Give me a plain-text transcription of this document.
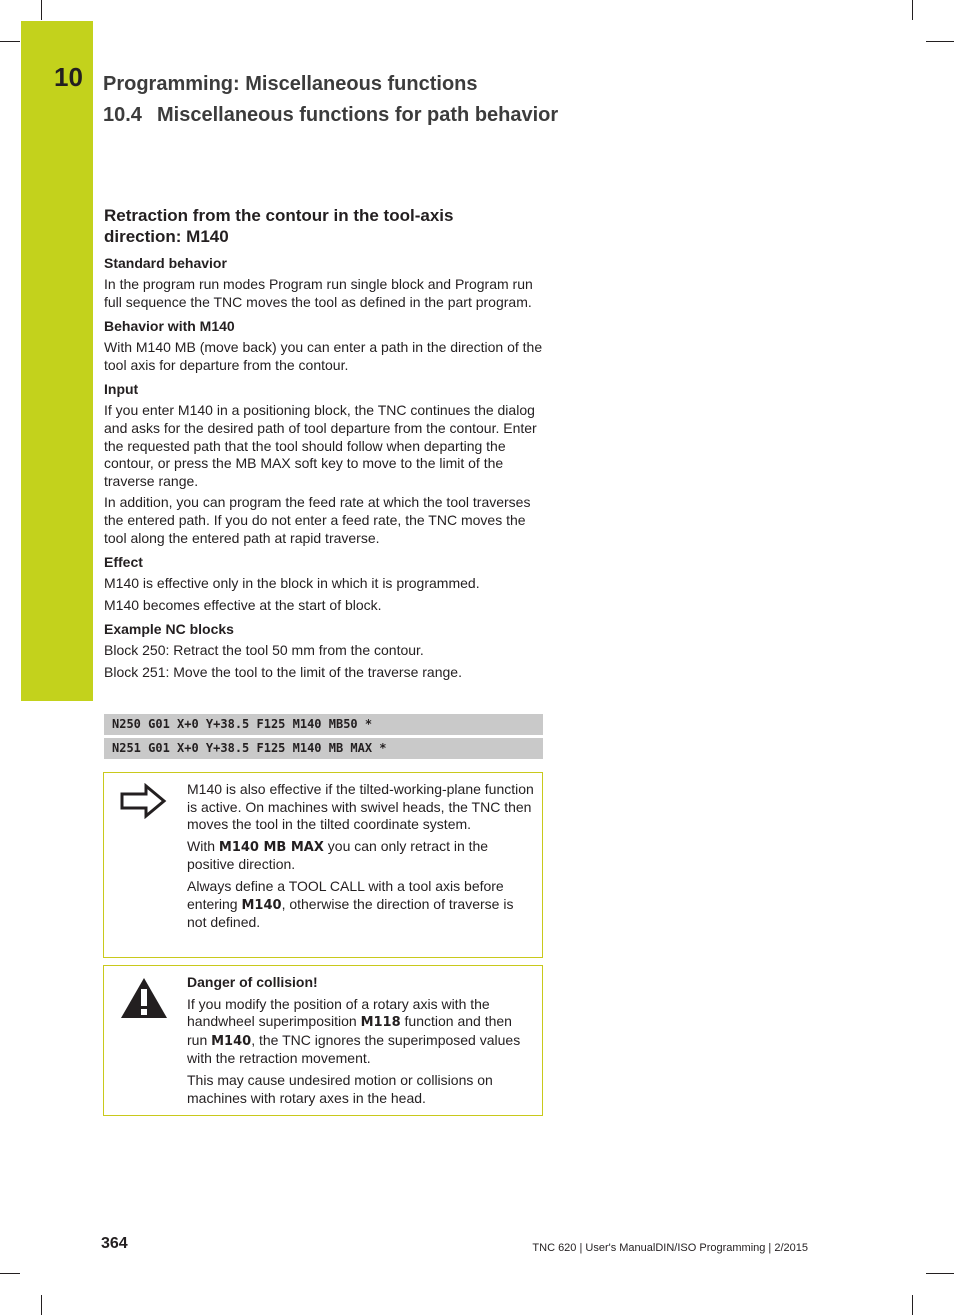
10 Programming: Miscellaneous functions
10.4 Miscellaneous functions for path behavior
Retraction from the contour in the tool-axis
direction: M140
Standard behavior

In the program run modes Program run single block and Program run full sequence the TNC moves the tool as defined in the part program.

Behavior with M140

With M140 MB (move back) you can enter a path in the direction of the tool axis for departure from the contour.

Input

If you enter M140 in a positioning block, the TNC continues the dialog and asks for the desired path of tool departure from the contour. Enter the requested path that the tool should follow when departing the contour, or press the MB MAX soft key to move to the limit of the traverse range.

In addition, you can program the feed rate at which the tool traverses the entered path. If you do not enter a feed rate, the TNC moves the tool along the entered path at rapid traverse.

Effect

M140 is effective only in the block in which it is programmed.

M140 becomes effective at the start of block.

Example NC blocks

Block 250: Retract the tool 50 mm from the contour.

Block 251: Move the tool to the limit of the traverse range.

N250 G01 X+0 Y+38.5 F125 M140 MB50 *
N251 G01 X+0 Y+38.5 F125 M140 MB MAX *

M140 is also effective if the tilted-working-plane function is active. On machines with swivel heads, the TNC then moves the tool in the tilted coordinate system.

With M140 MB MAX you can only retract in the positive direction.

Always define a TOOL CALL with a tool axis before entering M140, otherwise the direction of traverse is not defined.

Danger of collision!

If you modify the position of a rotary axis with the handwheel superimposition M118 function and then run M140, the TNC ignores the superimposed values with the retraction movement.

This may cause undesired motion or collisions on machines with rotary axes in the head.

364	TNC 620 | User's ManualDIN/ISO Programming | 2/2015
